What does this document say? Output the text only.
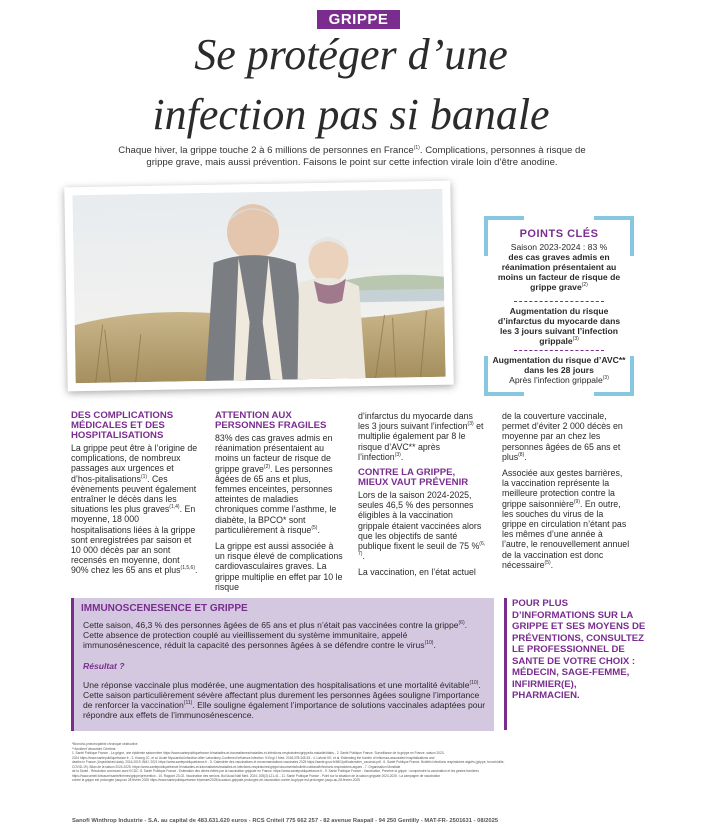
GRIPPE
Se protéger d’une
infection pas si banale
Chaque hiver, la grippe touche 2 à 6 millions de personnes en France$^{(1)}$. Complications, personnes à risque de grippe grave, mais aussi prévention. Faisons le point sur cette infection virale loin d’être anodine.
POINTS CLÉS
Saison 2023-2024 : 83 %
des cas graves admis en réanimation présentaient au moins un facteur de risque de grippe grave$^{(2)}$
Augmentation du risque d’infarctus du myocarde dans les 3 jours suivant l’infection grippale$^{(3)}$
Augmentation du risque d’AVC** dans les 28 jours
Après l’infection grippale$^{(3)}$
DES COMPLICATIONS MÉDICALES ET DES HOSPITALISATIONS

La grippe peut être à l’origine de complications, de nombreux passages aux urgences et d’hos-pitalisations$^{(1)}$. Ces évènements peuvent également entraîner le décès dans les situations les plus graves$^{(1,4)}$. En moyenne, 18 000 hospitalisations liées à la grippe sont enregistrées par saison et 10 000 décès par an sont recensés en moyenne, dont 90% chez les 65 ans et plus$^{(1,5,6)}$.

ATTENTION AUX PERSONNES FRAGILES

83% des cas graves admis en réanimation présentaient au moins un facteur de risque de grippe grave$^{(2)}$. Les personnes âgées de 65 ans et plus, femmes enceintes, personnes atteintes de maladies chroniques comme l’asthme, le diabète, la BPCO* sont particulièrement à risque$^{(5)}$.

La grippe est aussi associée à un risque élevé de complications cardiovasculaires graves. La grippe multiplie en effet par 10 le risque

d’infarctus du myocarde dans les 3 jours suivant l’infection$^{(3)}$ et multiplie également par 8 le risque d’AVC** après l’infection$^{(3)}$.

CONTRE LA GRIPPE, MIEUX VAUT PRÉVENIR

Lors de la saison 2024-2025, seules 46,5 % des personnes éligibles à la vaccination grippale étaient vaccinées alors que les objectifs de santé publique fixent le seuil de 75 %$^{(6, 7)}$.

La vaccination, en l’état actuel

de la couverture vaccinale, permet d’éviter 2 000 décès en moyenne par an chez les personnes âgées de 65 ans et plus$^{(8)}$.

Associée aux gestes barrières, la vaccination représente la meilleure protection contre la grippe saisonnière$^{(9)}$. En outre, les souches du virus de la grippe en circulation n’étant pas les mêmes d’une année à l’autre, le renouvellement annuel de la vaccination est donc nécessaire$^{(5)}$.

IMMUNOSCENESENCE ET GRIPPE
Cette saison, 46,3 % des personnes âgées de 65 ans et plus n’était pas vaccinées contre la grippe$^{(6)}$. Cette absence de protection couplé au vieillissement du système immunitaire, appelé immunosénescence, réduit la capacité des personnes âgées à se défendre contre le virus$^{(10)}$.
Résultat ?
Une réponse vaccinale plus modérée, une augmentation des hospitalisations et une mortalité évitable$^{(10)}$. Cette saison particulièrement sévère affectant plus durement les personnes âgées souligne l’importance de renforcer la vaccination$^{(11)}$. Elle souligne également l’importance de solutions vaccinales adaptées pour répondre aux effets de l’immunosénescence.
POUR PLUS D’INFORMATIONS SUR LA GRIPPE ET SES MOYENS DE PRÉVENTIONS, CONSULTEZ LE PROFESSIONNEL DE SANTE DE VOTRE CHOIX : MÉDECIN, SAGE-FEMME, INFIRMIER(E), PHARMACIEN.
*Broncho-pneumopathie chronique obstructive
**Accident Vasculaire Cérébral
1. Santé Publique France - La grippe, une épidémie saisonnière https://www.santepubliquefrance.fr/maladies-et-traumatismes/maladies-et-infections-respiratoires/grippe/la-maladie/#tabs - 2. Santé Publique France. Surveillance de la grippe en France, saison 2023-
2024 https://www.santepubliquefrance.fr - 3. Kwong JC, et al. Acute Myocardial Infarction after Laboratory-Confirmed Influenza Infection. N Engl J Med. 2018;378:345-53 - 4. Lafond KE, et al. Estimating the burden of influenza-associated hospitalizations and
deaths in France (Unpublished data). 2016-2019. BMJ. 2021 https://www.santepubliquefrance.fr - 5. Calendrier des vaccinations et recommandations vaccinales 2025 https://sante.gouv.fr/IMG/pdf/calendrier_vaccinal.pdf - 6. Santé Publique France. Bulletin infections respiratoires aiguës (grippe, bronchiolite,
COVID-19). Bilan de la saison 2024-2025. https://www.santepubliquefrance.fr/maladies-et-traumatismes/maladies-et-infections-respiratoires/grippe/documents/bulletin-national/infections-respiratoires-aigues - 7. Organisation Mondiale
de la Santé - Résolution commune avec ECDC. 8. Santé Publique France - Estimation des décès évités par la vaccination grippale en France. https://www.santepubliquefrance.fr - 9. Santé Publique France - Vaccination. Prévenir la grippe : comprendre la vaccination et les gestes barrières
https://www.ameli.fr/assure/sante/themes/grippe/prevention - 10. Rapport 23-02. Vaccination des seniors. Bull Acad Natl Med. 2024; 208(3):121-41 - 11. Santé Publique France - Point sur la situation de la saison grippale 2024-2025 : La campagne de vaccination
contre la grippe est prolongée jusqu’au 28 février 2025 https://www.santepubliquefrance.fr/presse/2025/la-saison-grippale-prolongee-de-vaccination-contre-la-grippe-est-prolongee-jusqu-au-28-fevrier-2025
Sanofi Winthrop Industrie - S.A. au capital de 483.631.620 euros - RCS Créteil 775 662 257 - 82 avenue Raspail - 94 250 Gentilly - MAT-FR- 2501631 - 08/2025
